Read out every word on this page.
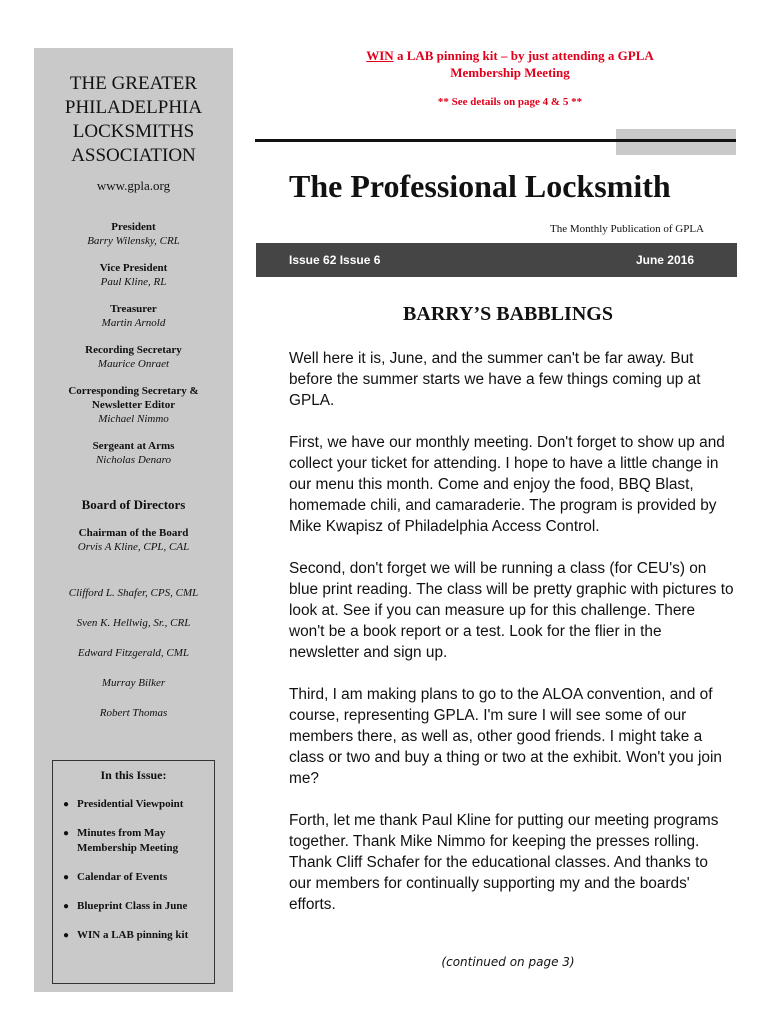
THE GREATER
PHILADELPHIA
LOCKSMITHS
ASSOCIATION
www.gpla.org
President
Barry Wilensky, CRL
Vice President
Paul Kline, RL
Treasurer
Martin Arnold
Recording Secretary
Maurice Onraet
Corresponding Secretary &
Newsletter Editor
Michael Nimmo
Sergeant at Arms
Nicholas Denaro
Board of Directors
Chairman of the Board
Orvis A Kline, CPL, CAL
Clifford L. Shafer, CPS, CML
Sven K. Hellwig, Sr., CRL
Edward Fitzgerald, CML
Murray Bilker
Robert Thomas
In this Issue:
● Presidential Viewpoint
● Minutes from May
Membership Meeting
● Calendar of Events
● Blueprint Class in June
● WIN a LAB pinning kit
WIN a LAB pinning kit – by just attending a GPLA
Membership Meeting
** See details on page 4 & 5 **
The Professional Locksmith
The Monthly Publication of GPLA
Issue 62 Issue 6	June 2016
BARRY’S BABBLINGS

Well here it is, June, and the summer can't be far away. But before the summer starts we have a few things coming up at GPLA.

First, we have our monthly meeting. Don't forget to show up and collect your ticket for attending. I hope to have a little change in our menu this month. Come and enjoy the food, BBQ Blast, homemade chili, and camaraderie. The program is provided by Mike Kwapisz of Philadelphia Access Control.

Second, don't forget we will be running a class (for CEU's) on blue print reading. The class will be pretty graphic with pictures to look at. See if you can measure up for this challenge. There won't be a book report or a test. Look for the flier in the newsletter and sign up.

Third, I am making plans to go to the ALOA convention, and of course, representing GPLA. I'm sure I will see some of our members there, as well as, other good friends. I might take a class or two and buy a thing or two at the exhibit. Won't you join me?

Forth, let me thank Paul Kline for putting our meeting programs together. Thank Mike Nimmo for keeping the presses rolling. Thank Cliff Schafer for the educational classes. And thanks to our members for continually supporting my and the boards' efforts.

(continued on page 3)
